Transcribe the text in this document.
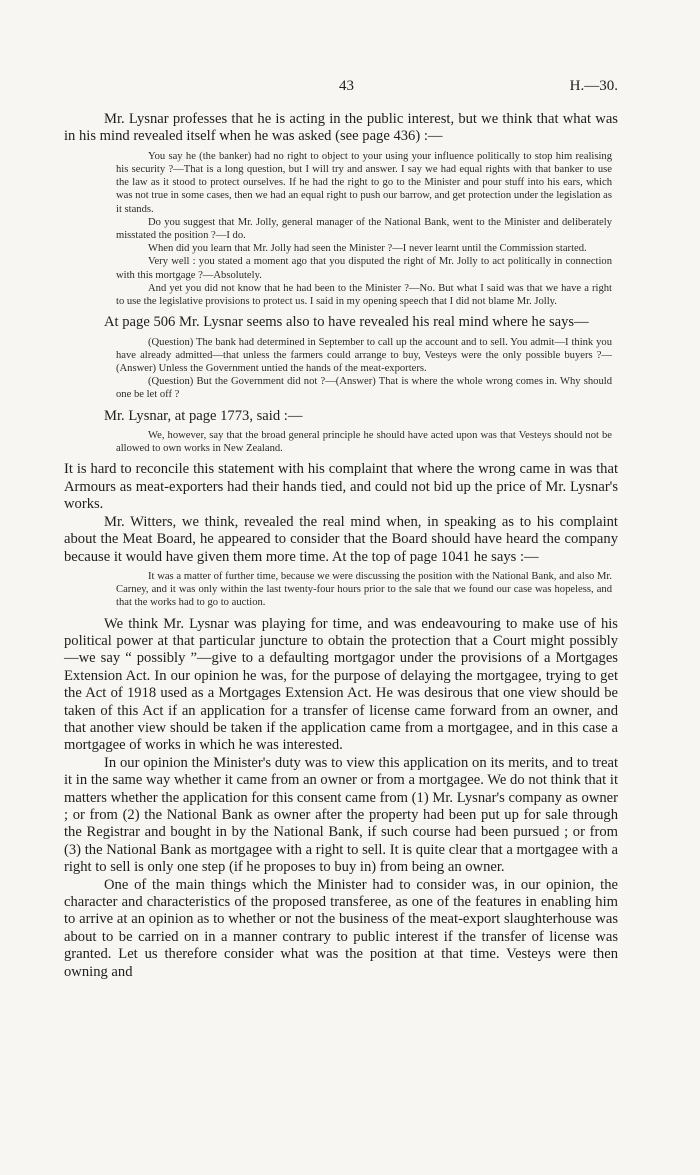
43	H.—30.

Mr. Lysnar professes that he is acting in the public interest, but we think that what was in his mind revealed itself when he was asked (see page 436) :—

You say he (the banker) had no right to object to your using your influence politically to stop him realising his security ?—That is a long question, but I will try and answer. I say we had equal rights with that banker to use the law as it stood to protect ourselves. If he had the right to go to the Minister and pour stuff into his ears, which was not true in some cases, then we had an equal right to push our barrow, and get protection under the legislation as it stands.

Do you suggest that Mr. Jolly, general manager of the National Bank, went to the Minister and deliberately misstated the position ?—I do.

When did you learn that Mr. Jolly had seen the Minister ?—I never learnt until the Commission started.

Very well : you stated a moment ago that you disputed the right of Mr. Jolly to act politically in connection with this mortgage ?—Absolutely.

And yet you did not know that he had been to the Minister ?—No. But what I said was that we have a right to use the legislative provisions to protect us. I said in my opening speech that I did not blame Mr. Jolly.

At page 506 Mr. Lysnar seems also to have revealed his real mind where he says—

(Question) The bank had determined in September to call up the account and to sell. You admit—I think you have already admitted—that unless the farmers could arrange to buy, Vesteys were the only possible buyers ?—(Answer) Unless the Government untied the hands of the meat-exporters.

(Question) But the Government did not ?—(Answer) That is where the whole wrong comes in. Why should one be let off ?

Mr. Lysnar, at page 1773, said :—

We, however, say that the broad general principle he should have acted upon was that Vesteys should not be allowed to own works in New Zealand.

It is hard to reconcile this statement with his complaint that where the wrong came in was that Armours as meat-exporters had their hands tied, and could not bid up the price of Mr. Lysnar's works.

Mr. Witters, we think, revealed the real mind when, in speaking as to his complaint about the Meat Board, he appeared to consider that the Board should have heard the company because it would have given them more time. At the top of page 1041 he says :—

It was a matter of further time, because we were discussing the position with the National Bank, and also Mr. Carney, and it was only within the last twenty-four hours prior to the sale that we found our case was hopeless, and that the works had to go to auction.

We think Mr. Lysnar was playing for time, and was endeavouring to make use of his political power at that particular juncture to obtain the protection that a Court might possibly—we say “ possibly ”—give to a defaulting mortgagor under the provisions of a Mortgages Extension Act. In our opinion he was, for the purpose of delaying the mortgagee, trying to get the Act of 1918 used as a Mortgages Extension Act. He was desirous that one view should be taken of this Act if an application for a transfer of license came forward from an owner, and that another view should be taken if the application came from a mortgagee, and in this case a mortgagee of works in which he was interested.

In our opinion the Minister's duty was to view this application on its merits, and to treat it in the same way whether it came from an owner or from a mortgagee. We do not think that it matters whether the application for this consent came from (1) Mr. Lysnar's company as owner ; or from (2) the National Bank as owner after the property had been put up for sale through the Registrar and bought in by the National Bank, if such course had been pursued ; or from (3) the National Bank as mortgagee with a right to sell. It is quite clear that a mortgagee with a right to sell is only one step (if he proposes to buy in) from being an owner.

One of the main things which the Minister had to consider was, in our opinion, the character and characteristics of the proposed transferee, as one of the features in enabling him to arrive at an opinion as to whether or not the business of the meat-export slaughterhouse was about to be carried on in a manner contrary to public interest if the transfer of license was granted. Let us therefore consider what was the position at that time. Vesteys were then owning and
